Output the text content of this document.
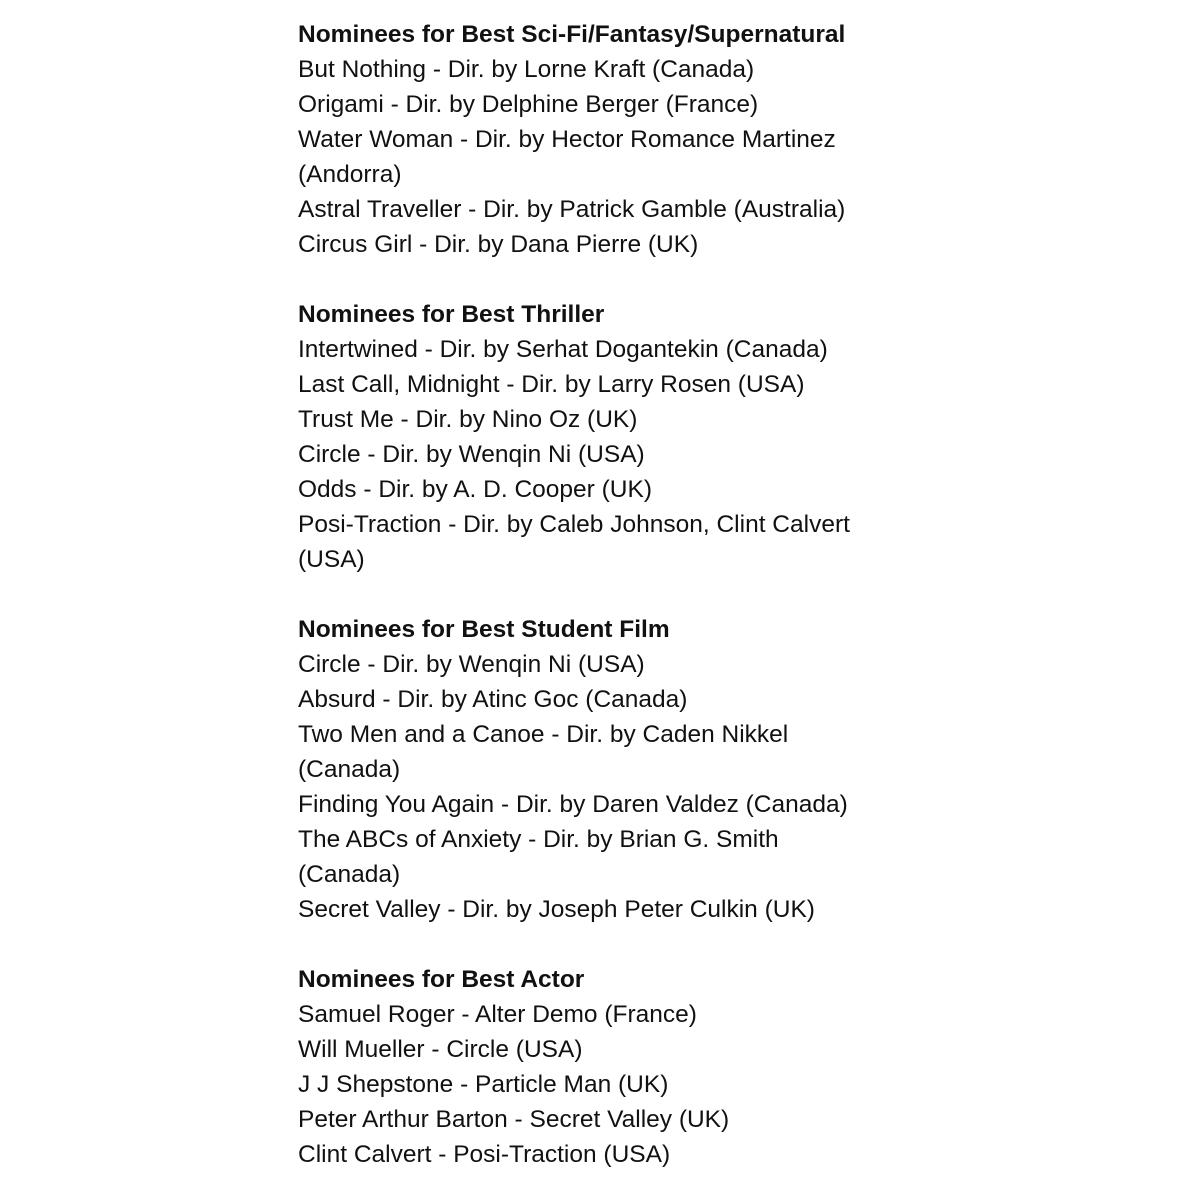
Nominees for Best Sci-Fi/Fantasy/Supernatural
But Nothing - Dir. by Lorne Kraft (Canada)
Origami - Dir. by Delphine Berger (France)
Water Woman - Dir. by Hector Romance Martinez
(Andorra)
Astral Traveller - Dir. by Patrick Gamble (Australia)
Circus Girl - Dir. by Dana Pierre (UK)
Nominees for Best Thriller
Intertwined - Dir. by Serhat Dogantekin (Canada)
Last Call, Midnight - Dir. by Larry Rosen (USA)
Trust Me - Dir. by Nino Oz (UK)
Circle - Dir. by Wenqin Ni (USA)
Odds - Dir. by A. D. Cooper (UK)
Posi-Traction - Dir. by Caleb Johnson, Clint Calvert
(USA)
Nominees for Best Student Film
Circle - Dir. by Wenqin Ni (USA)
Absurd - Dir. by Atinc Goc (Canada)
Two Men and a Canoe - Dir. by Caden Nikkel
(Canada)
Finding You Again - Dir. by Daren Valdez (Canada)
The ABCs of Anxiety - Dir. by Brian G. Smith
(Canada)
Secret Valley - Dir. by Joseph Peter Culkin (UK)
Nominees for Best Actor
Samuel Roger - Alter Demo (France)
Will Mueller - Circle (USA)
J J Shepstone - Particle Man (UK)
Peter Arthur Barton - Secret Valley (UK)
Clint Calvert - Posi-Traction (USA)
